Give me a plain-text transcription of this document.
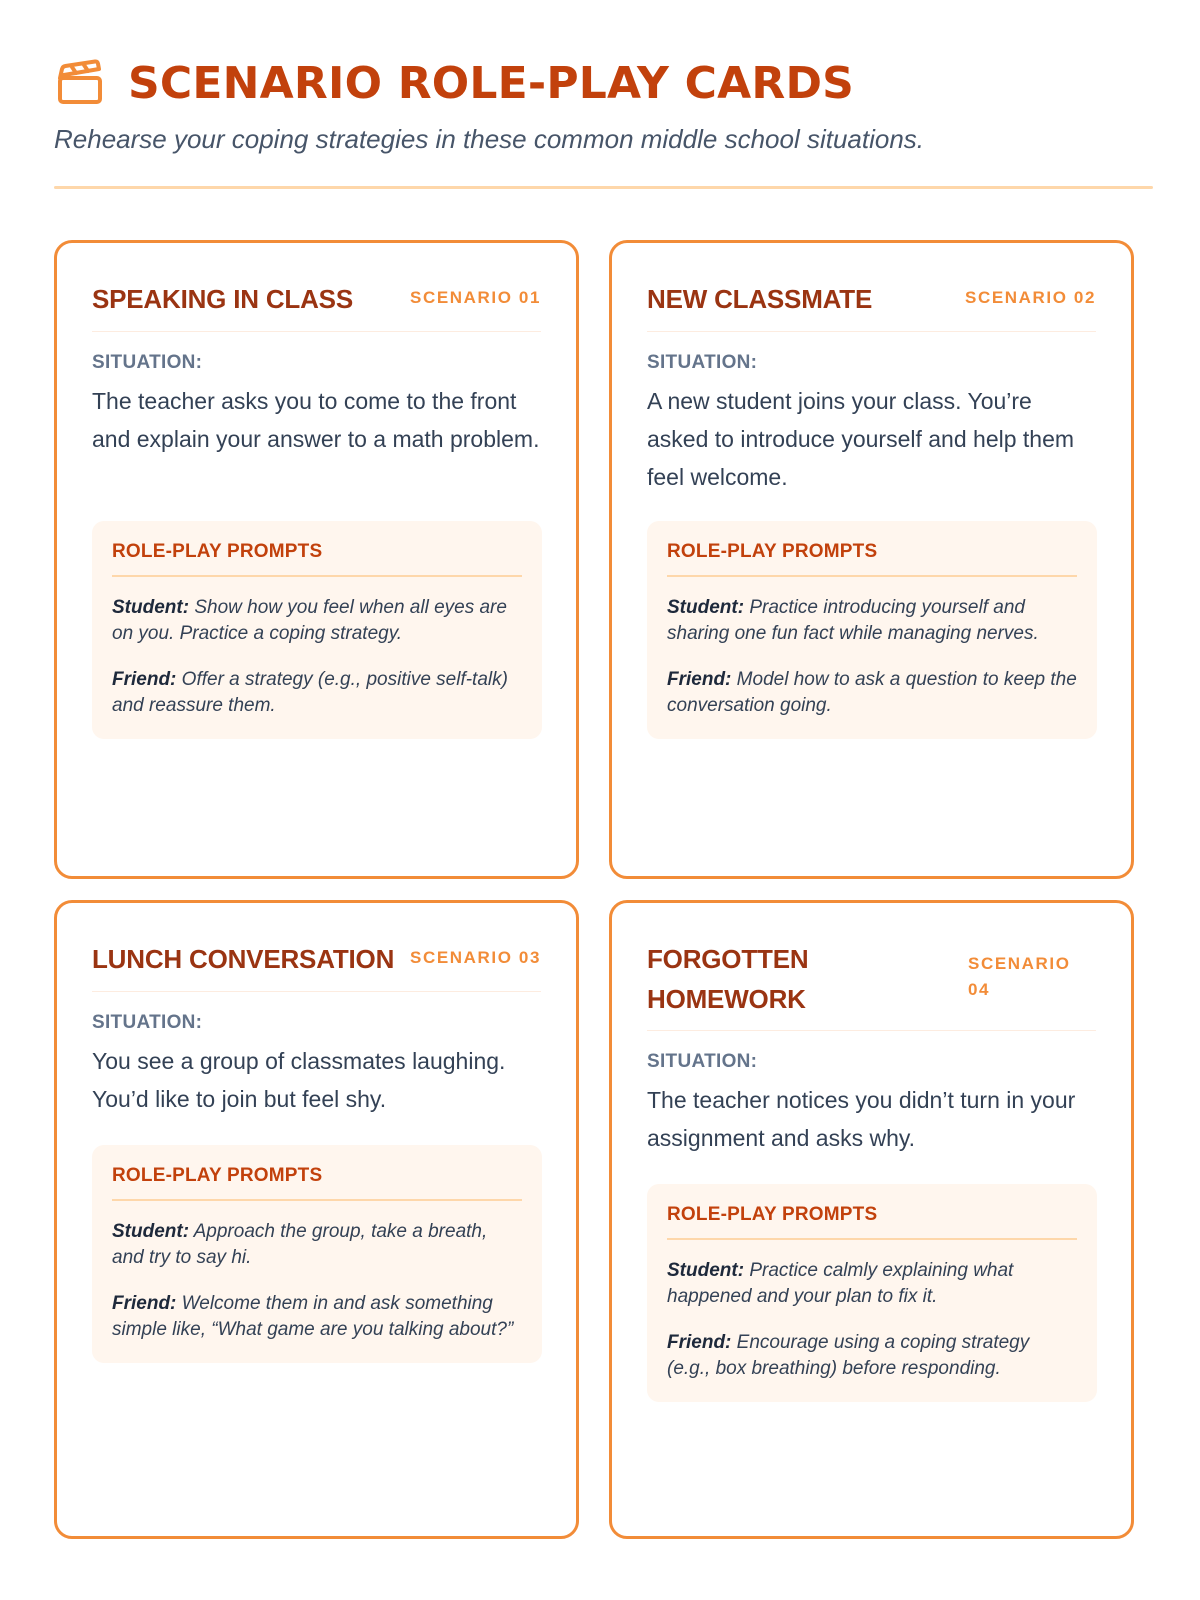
SCENARIO ROLE-PLAY CARDS
Rehearse your coping strategies in these common middle school situations.
SPEAKING IN CLASS	SCENARIO 01
SITUATION:
The teacher asks you to come to the front and explain your answer to a math problem.
ROLE-PLAY PROMPTS
Student: Show how you feel when all eyes are on you. Practice a coping strategy.
Friend: Offer a strategy (e.g., positive self-talk) and reassure them.
NEW CLASSMATE	SCENARIO 02
SITUATION:
A new student joins your class. You’re asked to introduce yourself and help them feel welcome.
ROLE-PLAY PROMPTS
Student: Practice introducing yourself and sharing one fun fact while managing nerves.
Friend: Model how to ask a question to keep the conversation going.
LUNCH CONVERSATION SCENARIO 03
SITUATION:
You see a group of classmates laughing. You’d like to join but feel shy.
ROLE-PLAY PROMPTS
Student: Approach the group, take a breath, and try to say hi.
Friend: Welcome them in and ask something simple like, “What game are you talking about?”
FORGOTTEN HOMEWORK
SCENARIO 04
SITUATION:
The teacher notices you didn’t turn in your assignment and asks why.
ROLE-PLAY PROMPTS
Student: Practice calmly explaining what happened and your plan to fix it.
Friend: Encourage using a coping strategy (e.g., box breathing) before responding.
